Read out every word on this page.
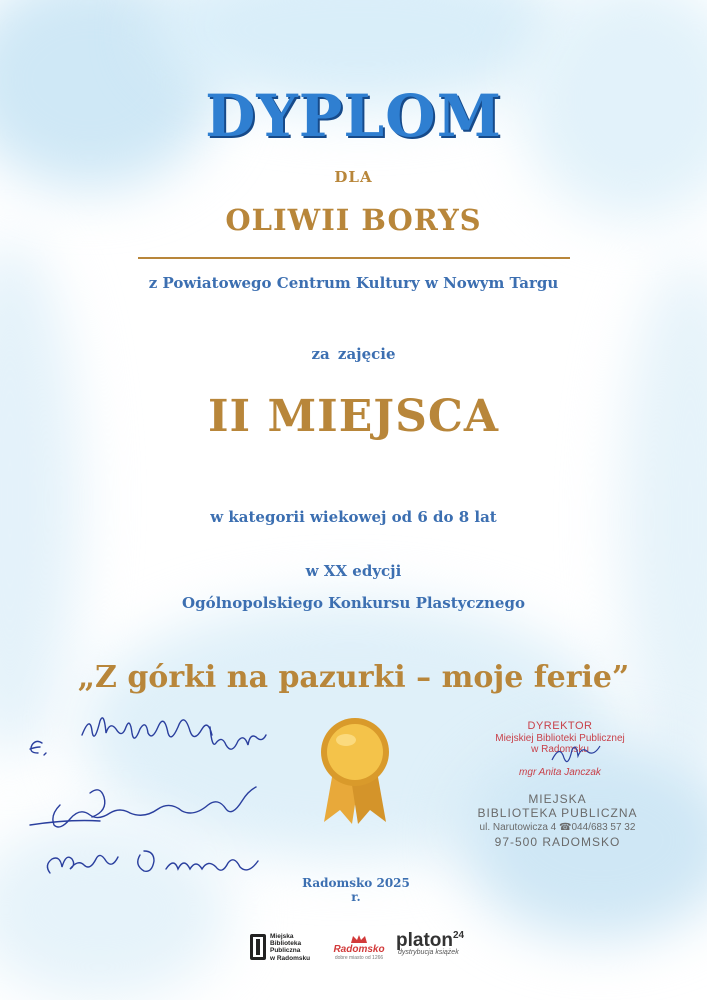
DYPLOM
DLA
OLIWII BORYS
z Powiatowego Centrum Kultury w Nowym Targu
za zajęcie
II MIEJSCA
w kategorii wiekowej od 6 do 8 lat
w XX edycji
Ogólnopolskiego Konkursu Plastycznego
„Z górki na pazurki – moje ferie”
DYREKTOR
Miejskiej Biblioteki Publicznej
w Radomsku
mgr Anita Janczak
MIEJSKA
BIBLIOTEKA PUBLICZNA
ul. Narutowicza 4 ☎044/683 57 32
97-500 RADOMSKO
Radomsko 2025 r.
Miejska
Biblioteka
Publiczna
w Radomsku
Radomsko
dobre miasto od 1266
platon$^{24}$
dystrybucja książek
